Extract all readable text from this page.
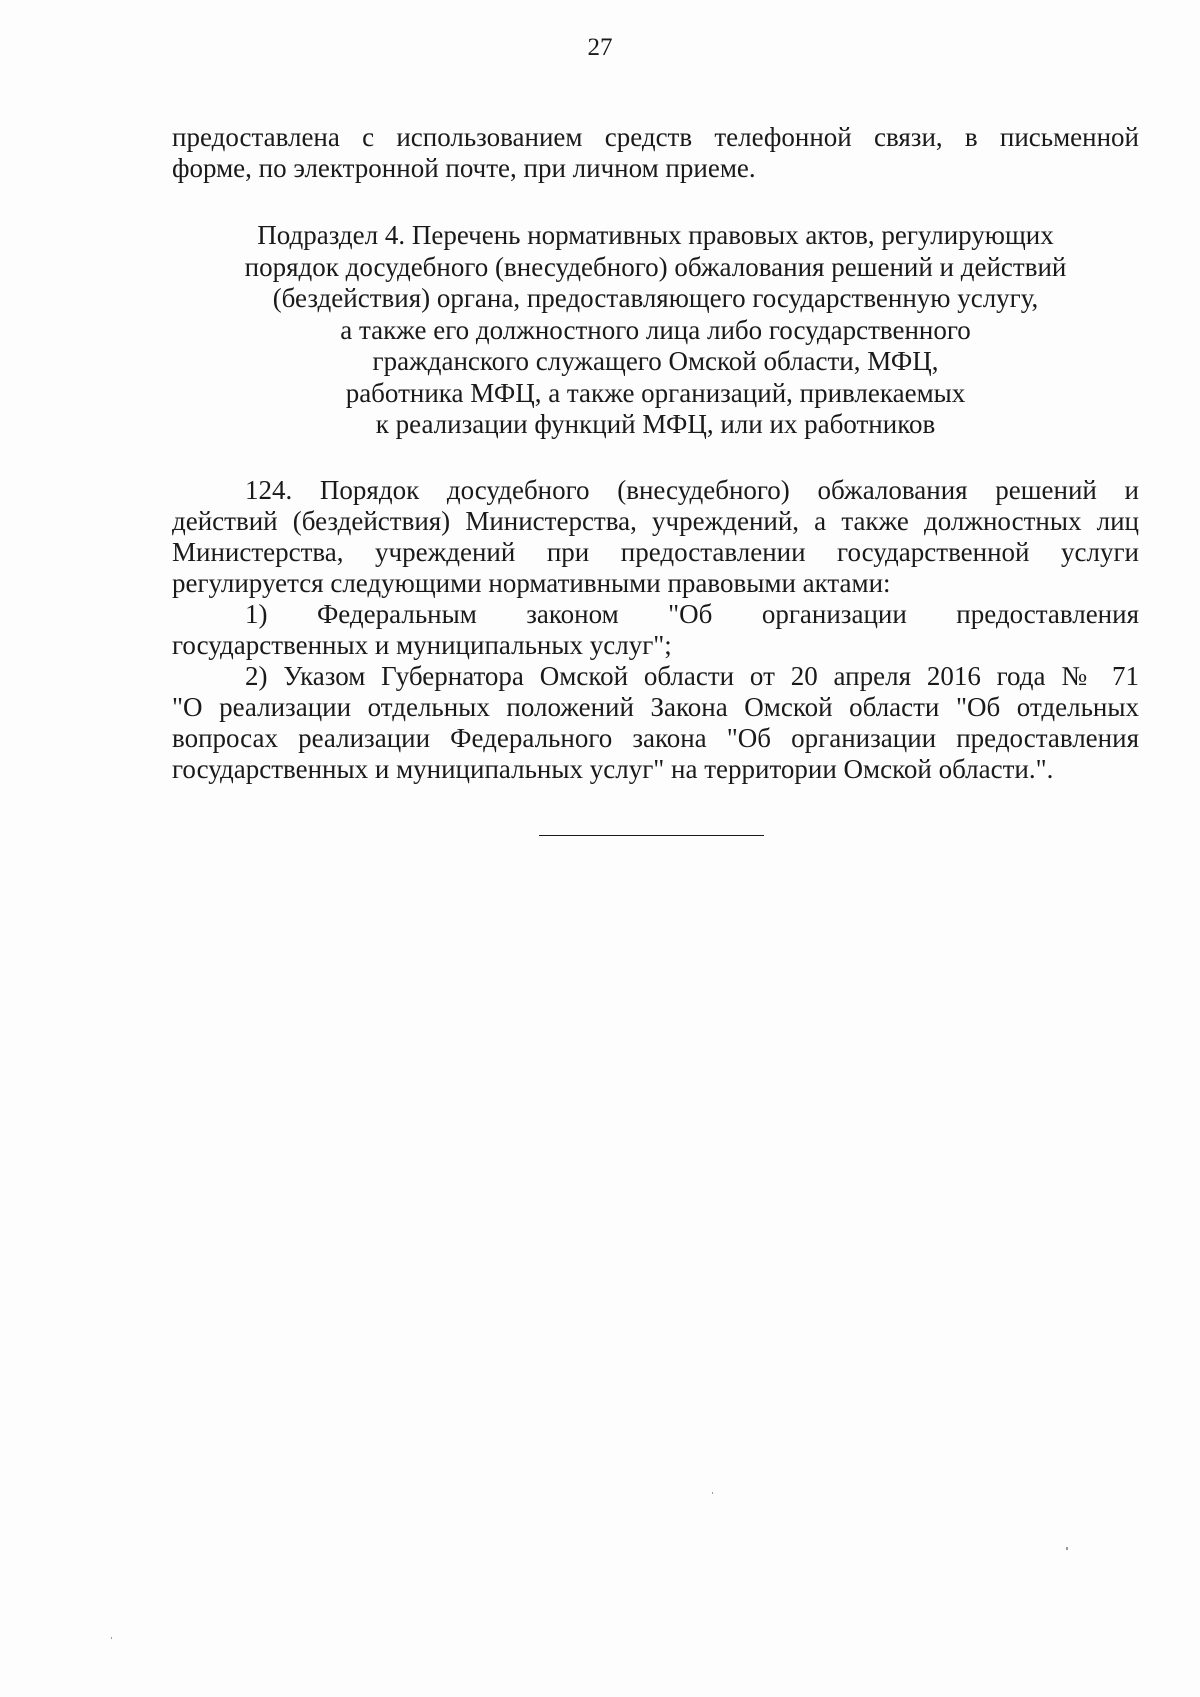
27
предоставлена с использованием средств телефонной связи, в письменной
форме, по электронной почте, при личном приеме.
Подраздел 4. Перечень нормативных правовых актов, регулирующих
порядок досудебного (внесудебного) обжалования решений и действий
(бездействия) органа, предоставляющего государственную услугу,
а также его должностного лица либо государственного
гражданского служащего Омской области, МФЦ,
работника МФЦ, а также организаций, привлекаемых
к реализации функций МФЦ, или их работников
124. Порядок досудебного (внесудебного) обжалования решений и
действий (бездействия) Министерства, учреждений, а также должностных лиц
Министерства, учреждений при предоставлении государственной услуги
регулируется следующими нормативными правовыми актами:
1) Федеральным законом "Об организации предоставления
государственных и муниципальных услуг";
2) Указом Губернатора Омской области от 20 апреля 2016 года № 71
"О реализации отдельных положений Закона Омской области "Об отдельных
вопросах реализации Федерального закона "Об организации предоставления
государственных и муниципальных услуг" на территории Омской области.".
